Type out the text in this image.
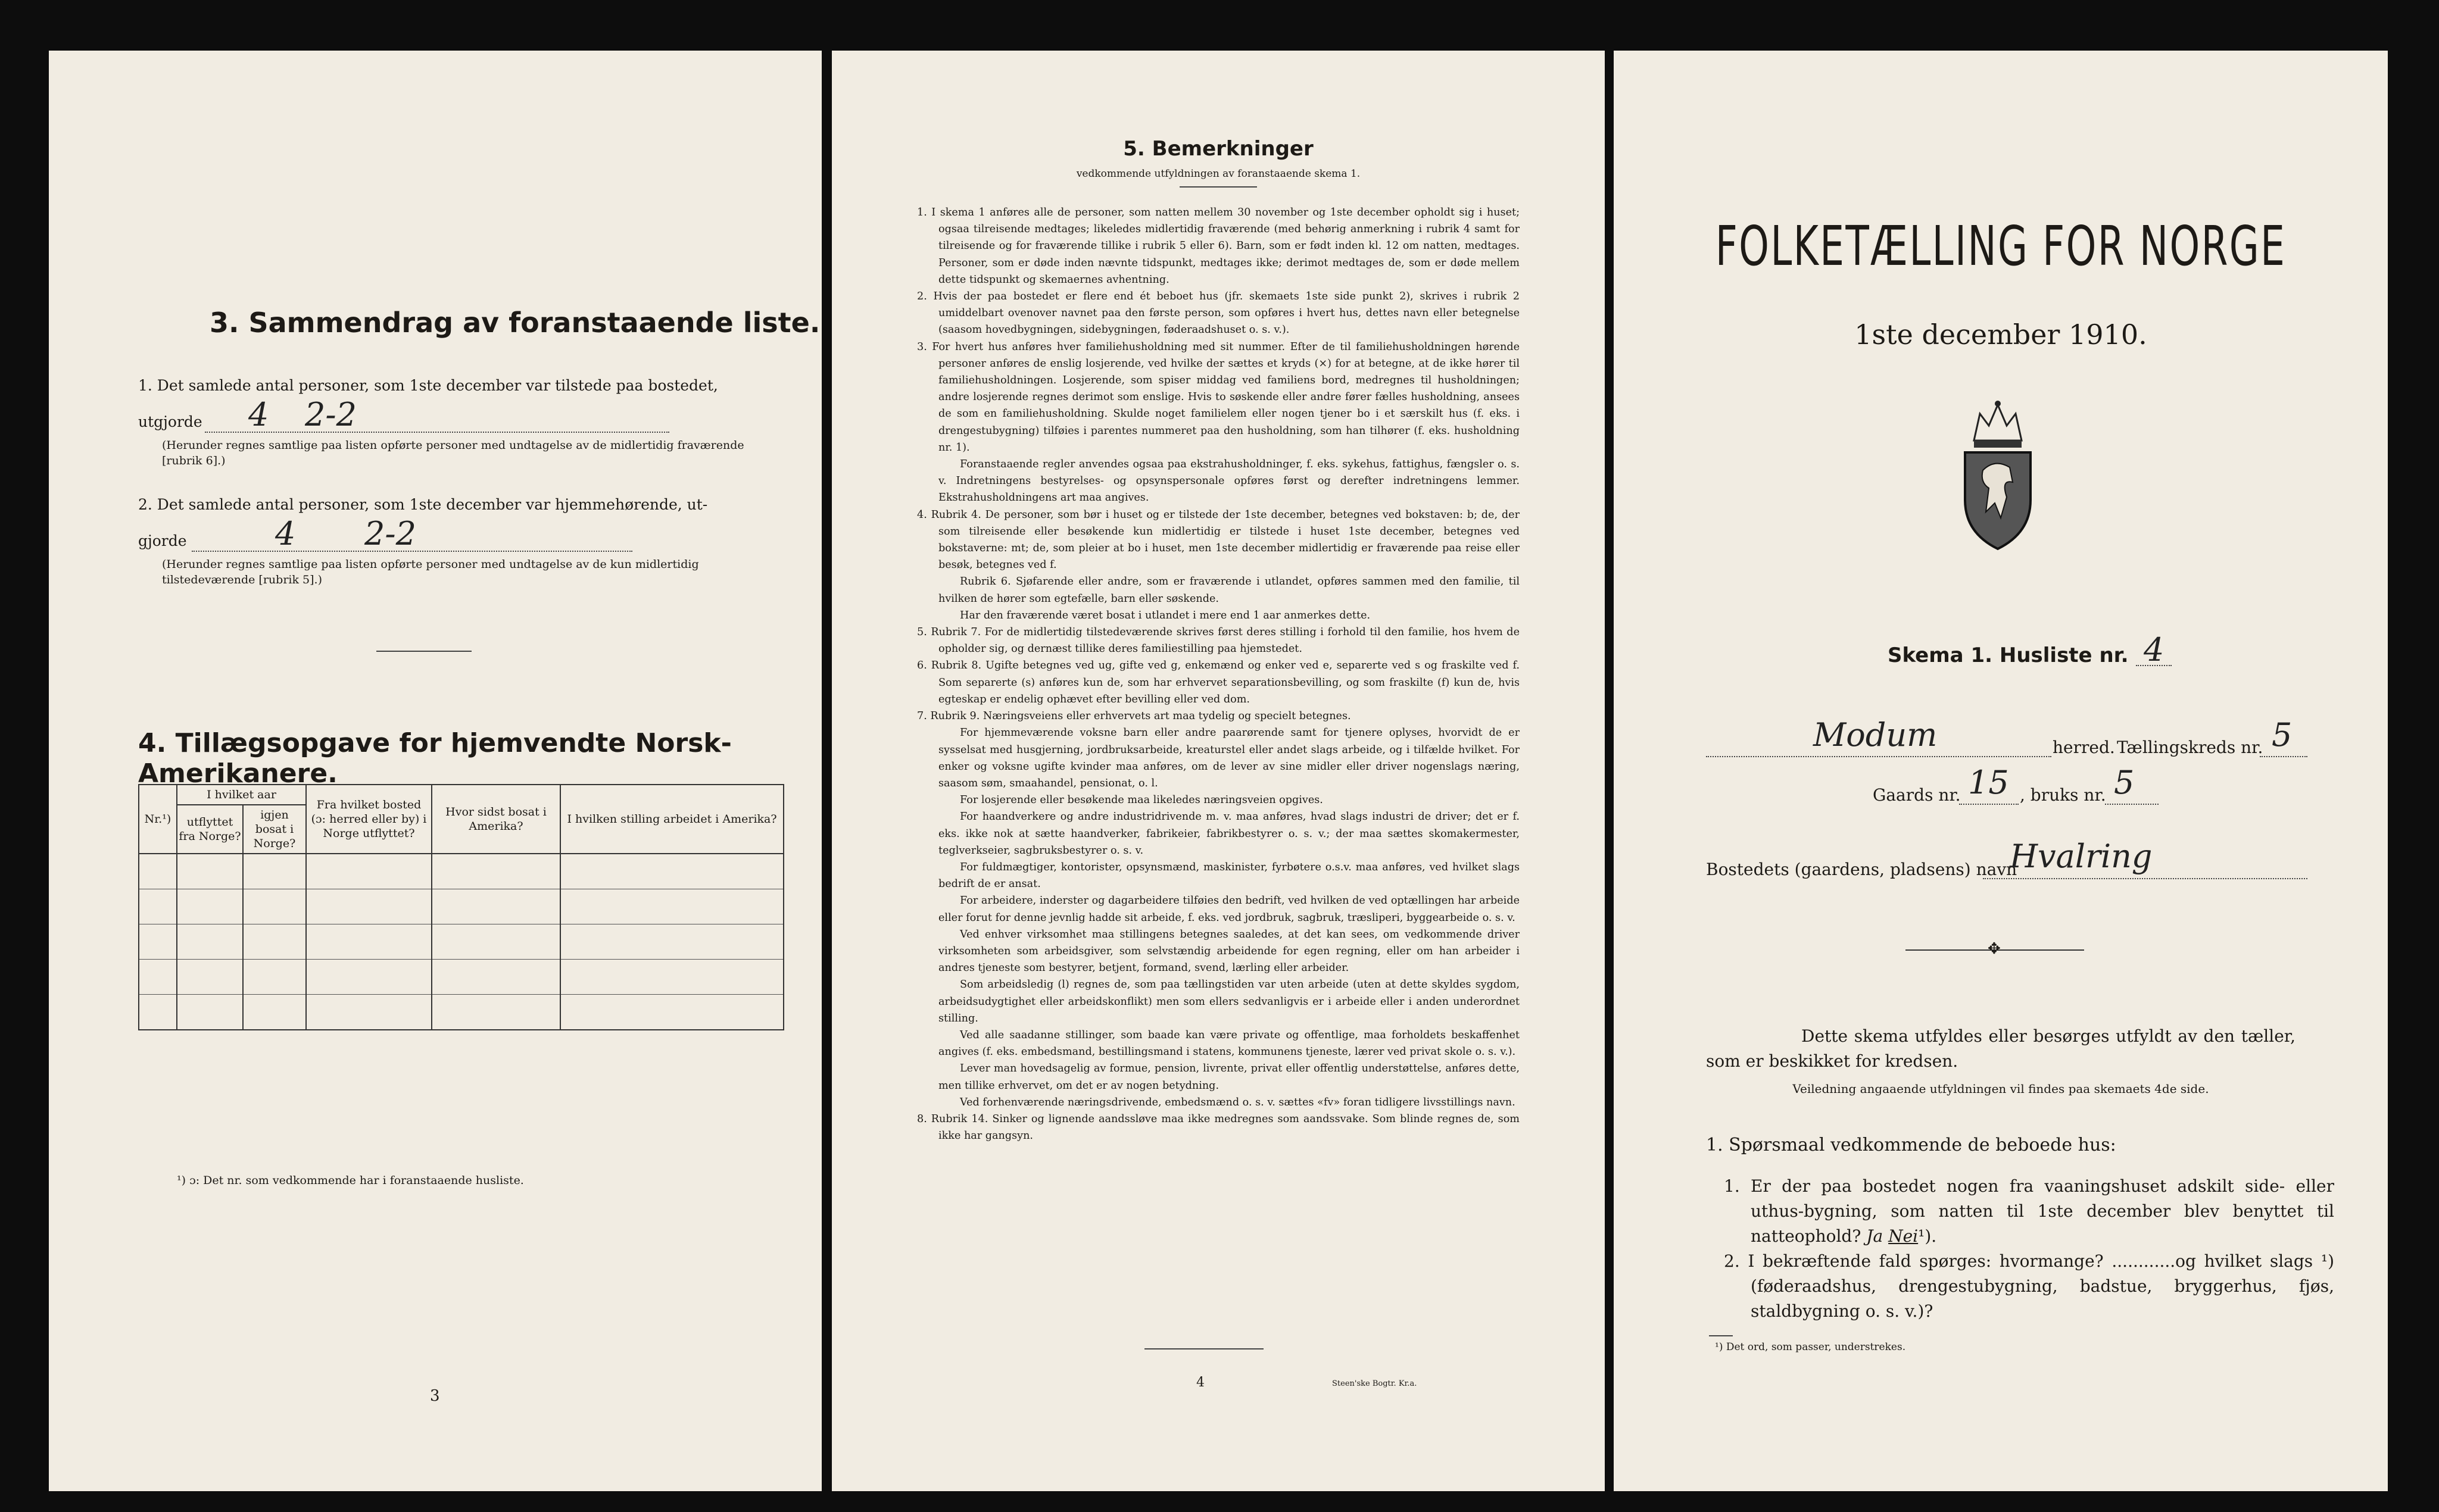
3. Sammendrag av foranstaaende liste.
1. Det samlede antal personer, som 1ste december var tilstede paa bostedet,
utgjorde 4 2-2
(Herunder regnes samtlige paa listen opførte personer med undtagelse av de midlertidig fraværende [rubrik 6].)
2. Det samlede antal personer, som 1ste december var hjemmehørende, ut-
gjorde	4 2-2
(Herunder regnes samtlige paa listen opførte personer med undtagelse av de kun midlertidig tilstedeværende [rubrik 5].)
4. Tillægsopgave for hjemvendte Norsk-Amerikanere.
Nr.¹)	I hvilket aar		Fra hvilket bosted (ɔ: herred eller by) i Norge utflyttet?	Hvor sidst bosat i Amerika?	I hvilken stilling arbeidet i Amerika?
	utflyttet fra Norge?	igjen bosat i Norge?			

¹) ɔ: Det nr. som vedkommende har i foranstaaende husliste.
3
5. Bemerkninger
vedkommende utfyldningen av foranstaaende skema 1.

1. I skema 1 anføres alle de personer, som natten mellem 30 november og 1ste december opholdt sig i huset; ogsaa tilreisende medtages; likeledes midlertidig fraværende (med behørig anmerkning i rubrik 4 samt for tilreisende og for fraværende tillike i rubrik 5 eller 6). Barn, som er født inden kl. 12 om natten, medtages. Personer, som er døde inden nævnte tidspunkt, medtages ikke; derimot medtages de, som er døde mellem dette tidspunkt og skemaernes avhentning.

2. Hvis der paa bostedet er flere end ét beboet hus (jfr. skemaets 1ste side punkt 2), skrives i rubrik 2 umiddelbart ovenover navnet paa den første person, som opføres i hvert hus, dettes navn eller betegnelse (saasom hovedbygningen, sidebygningen, føderaadshuset o. s. v.).

3. For hvert hus anføres hver familiehusholdning med sit nummer. Efter de til familiehusholdningen hørende personer anføres de enslig losjerende, ved hvilke der sættes et kryds (×) for at betegne, at de ikke hører til familiehusholdningen. Losjerende, som spiser middag ved familiens bord, medregnes til husholdningen; andre losjerende regnes derimot som enslige. Hvis to søskende eller andre fører fælles husholdning, ansees de som en familiehusholdning. Skulde noget familielem eller nogen tjener bo i et særskilt hus (f. eks. i drengestubygning) tilføies i parentes nummeret paa den husholdning, som han tilhører (f. eks. husholdning nr. 1).

Foranstaaende regler anvendes ogsaa paa ekstrahusholdninger, f. eks. sykehus, fattighus, fængsler o. s. v. Indretningens bestyrelses- og opsynspersonale opføres først og derefter indretningens lemmer. Ekstrahusholdningens art maa angives.

4. Rubrik 4. De personer, som bør i huset og er tilstede der 1ste december, betegnes ved bokstaven: b; de, der som tilreisende eller besøkende kun midlertidig er tilstede i huset 1ste december, betegnes ved bokstaverne: mt; de, som pleier at bo i huset, men 1ste december midlertidig er fraværende paa reise eller besøk, betegnes ved f.

Rubrik 6. Sjøfarende eller andre, som er fraværende i utlandet, opføres sammen med den familie, til hvilken de hører som egtefælle, barn eller søskende.

Har den fraværende været bosat i utlandet i mere end 1 aar anmerkes dette.

5. Rubrik 7. For de midlertidig tilstedeværende skrives først deres stilling i forhold til den familie, hos hvem de opholder sig, og dernæst tillike deres familiestilling paa hjemstedet.

6. Rubrik 8. Ugifte betegnes ved ug, gifte ved g, enkemænd og enker ved e, separerte ved s og fraskilte ved f. Som separerte (s) anføres kun de, som har erhvervet separationsbevilling, og som fraskilte (f) kun de, hvis egteskap er endelig ophævet efter bevilling eller ved dom.

7. Rubrik 9. Næringsveiens eller erhvervets art maa tydelig og specielt betegnes.

For hjemmeværende voksne barn eller andre paarørende samt for tjenere oplyses, hvorvidt de er sysselsat med husgjerning, jordbruksarbeide, kreaturstel eller andet slags arbeide, og i tilfælde hvilket. For enker og voksne ugifte kvinder maa anføres, om de lever av sine midler eller driver nogenslags næring, saasom søm, smaahandel, pensionat, o. l.

For losjerende eller besøkende maa likeledes næringsveien opgives.

For haandverkere og andre industridrivende m. v. maa anføres, hvad slags industri de driver; det er f. eks. ikke nok at sætte haandverker, fabrikeier, fabrikbestyrer o. s. v.; der maa sættes skomakermester, teglverkseier, sagbruksbestyrer o. s. v.

For fuldmægtiger, kontorister, opsynsmænd, maskinister, fyrbøtere o.s.v. maa anføres, ved hvilket slags bedrift de er ansat.

For arbeidere, inderster og dagarbeidere tilføies den bedrift, ved hvilken de ved optællingen har arbeide eller forut for denne jevnlig hadde sit arbeide, f. eks. ved jordbruk, sagbruk, træsliperi, byggearbeide o. s. v.

Ved enhver virksomhet maa stillingens betegnes saaledes, at det kan sees, om vedkommende driver virksomheten som arbeidsgiver, som selvstændig arbeidende for egen regning, eller om han arbeider i andres tjeneste som bestyrer, betjent, formand, svend, lærling eller arbeider.

Som arbeidsledig (l) regnes de, som paa tællingstiden var uten arbeide (uten at dette skyldes sygdom, arbeidsudygtighet eller arbeidskonflikt) men som ellers sedvanligvis er i arbeide eller i anden underordnet stilling.

Ved alle saadanne stillinger, som baade kan være private og offentlige, maa forholdets beskaffenhet angives (f. eks. embedsmand, bestillingsmand i statens, kommunens tjeneste, lærer ved privat skole o. s. v.).

Lever man hovedsagelig av formue, pension, livrente, privat eller offentlig understøttelse, anføres dette, men tillike erhvervet, om det er av nogen betydning.

Ved forhenværende næringsdrivende, embedsmænd o. s. v. sættes «fv» foran tidligere livsstillings navn.

8. Rubrik 14. Sinker og lignende aandssløve maa ikke medregnes som aandssvake. Som blinde regnes de, som ikke har gangsyn.

4	Steen'ske Bogtr. Kr.a.
FOLKETÆLLING FOR NORGE
1ste december 1910.
Skema 1. Husliste nr. 4
Modum	herred. Tællingskreds nr. 5
Gaards nr. 15 , bruks nr. 5
Bostedets (gaardens, pladsens) navn
Hvalring
✥
Dette skema utfyldes eller besørges utfyldt av den tæller, som er beskikket for kredsen.
Veiledning angaaende utfyldningen vil findes paa skemaets 4de side.
1. Spørsmaal vedkommende de beboede hus:
1. Er der paa bostedet nogen fra vaaningshuset adskilt side- eller uthus-bygning, som natten til 1ste december blev benyttet til natteophold? Ja Nei¹).
2. I bekræftende fald spørges: hvormange? ............og hvilket slags ¹) (føderaadshus, drengestubygning, badstue, bryggerhus, fjøs, staldbygning o. s. v.)?
¹) Det ord, som passer, understrekes.
